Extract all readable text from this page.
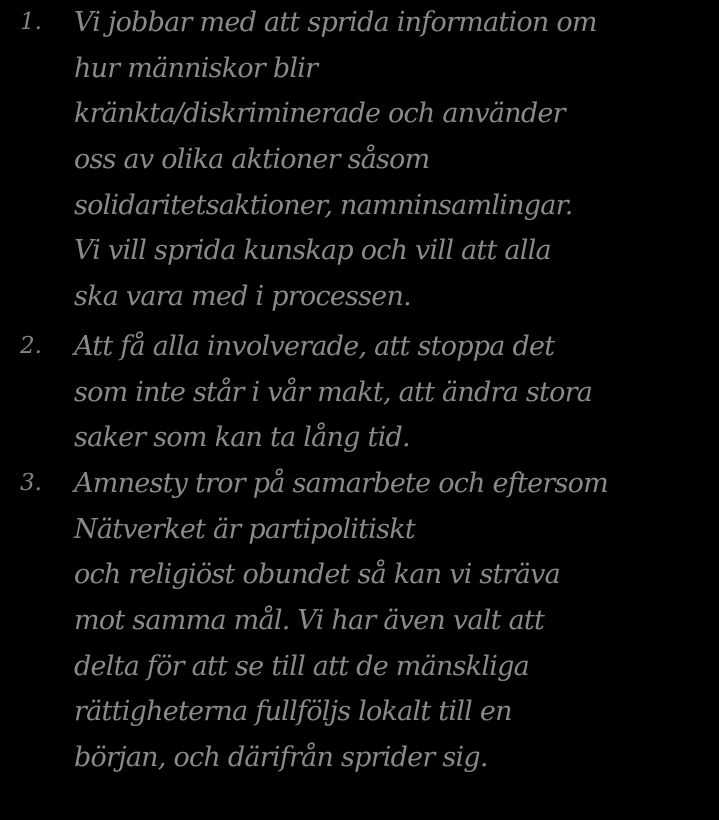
1. Vi jobbar med att sprida information om
hur människor blir
kränkta/diskriminerade och använder
oss av olika aktioner såsom
solidaritetsaktioner, namninsamlingar.
Vi vill sprida kunskap och vill att alla
ska vara med i processen.
2. Att få alla involverade, att stoppa det
som inte står i vår makt, att ändra stora
saker som kan ta lång tid.
3. Amnesty tror på samarbete och eftersom
Nätverket är partipolitiskt
och religiöst obundet så kan vi sträva
mot samma mål. Vi har även valt att
delta för att se till att de mänskliga
rättigheterna fullföljs lokalt till en
början, och därifrån sprider sig.
